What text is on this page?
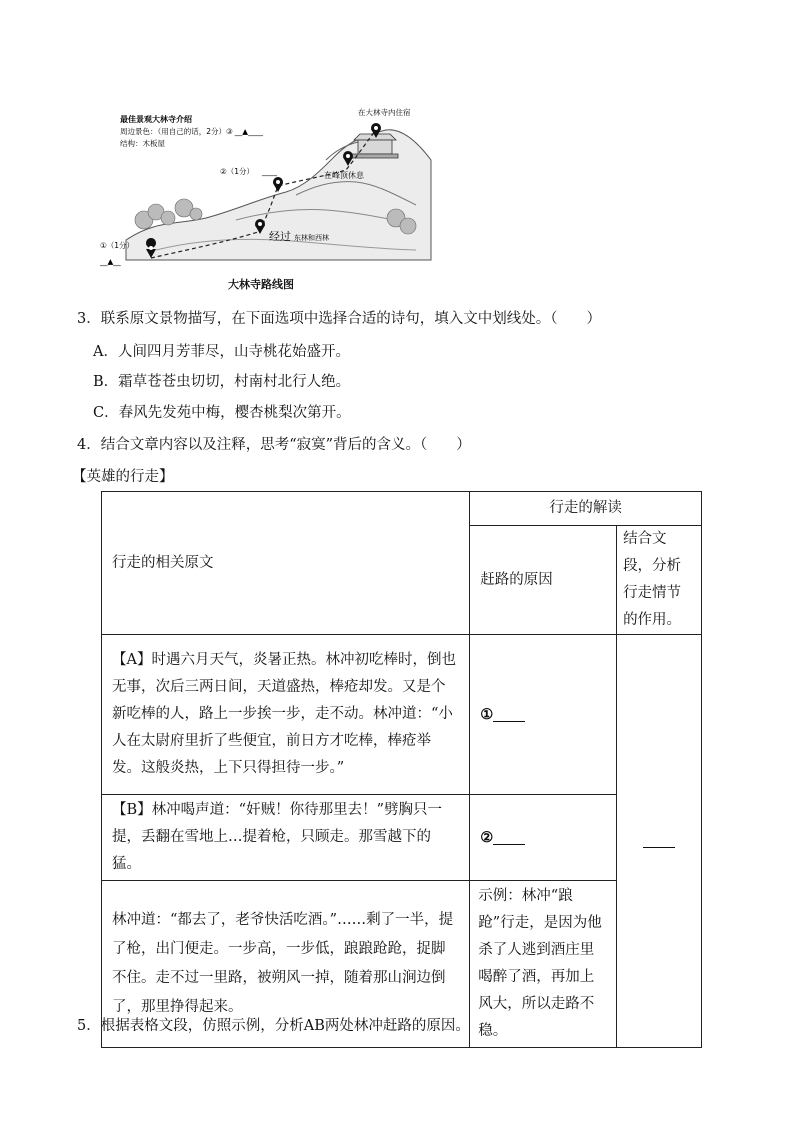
最佳景观大林寺介绍
周边景色：（用自己的话，2分）③ __▲____
结构：木板屋
在大林寺内住宿
在峰顶休息
②（1分） ____
经过 东林和西林
①（1分）
__▲__
大林寺路线图
3．联系原文景物描写，在下面选项中选择合适的诗句，填入文中划线处。（　　）
A．人间四月芳菲尽，山寺桃花始盛开。
B．霜草苍苍虫切切，村南村北行人绝。
C．春风先发苑中梅，樱杏桃梨次第开。
4．结合文章内容以及注释，思考“寂寞”背后的含义。（　　）
【英雄的行走】
行走的相关原文	行走的解读	
	赶路的原因	结合文段，分析行走情节的作用。
【A】时遇六月天气，炎暑正热。林冲初吃棒时，倒也无事，次后三两日间，天道盛热，棒疮却发。又是个新吃棒的人，路上一步挨一步，走不动。林冲道：“小人在太尉府里折了些便宜，前日方才吃棒，棒疮举发。这般炎热，上下只得担待一步。”	①	
【B】林冲喝声道：“奸贼！你待那里去！”劈胸只一提，丢翻在雪地上…提着枪，只顾走。那雪越下的猛。	②	
林冲道：“都去了，老爷快活吃酒。”……剩了一半，提了枪，出门便走。一步高，一步低，踉踉跄跄，捉脚不住。走不过一里路，被朔风一掉，随着那山涧边倒了，那里挣得起来。	示例：林冲“踉跄”行走，是因为他杀了人逃到酒庄里喝醉了酒，再加上风大，所以走路不稳。	
5．根据表格文段，仿照示例，分析AB两处林冲赶路的原因。
